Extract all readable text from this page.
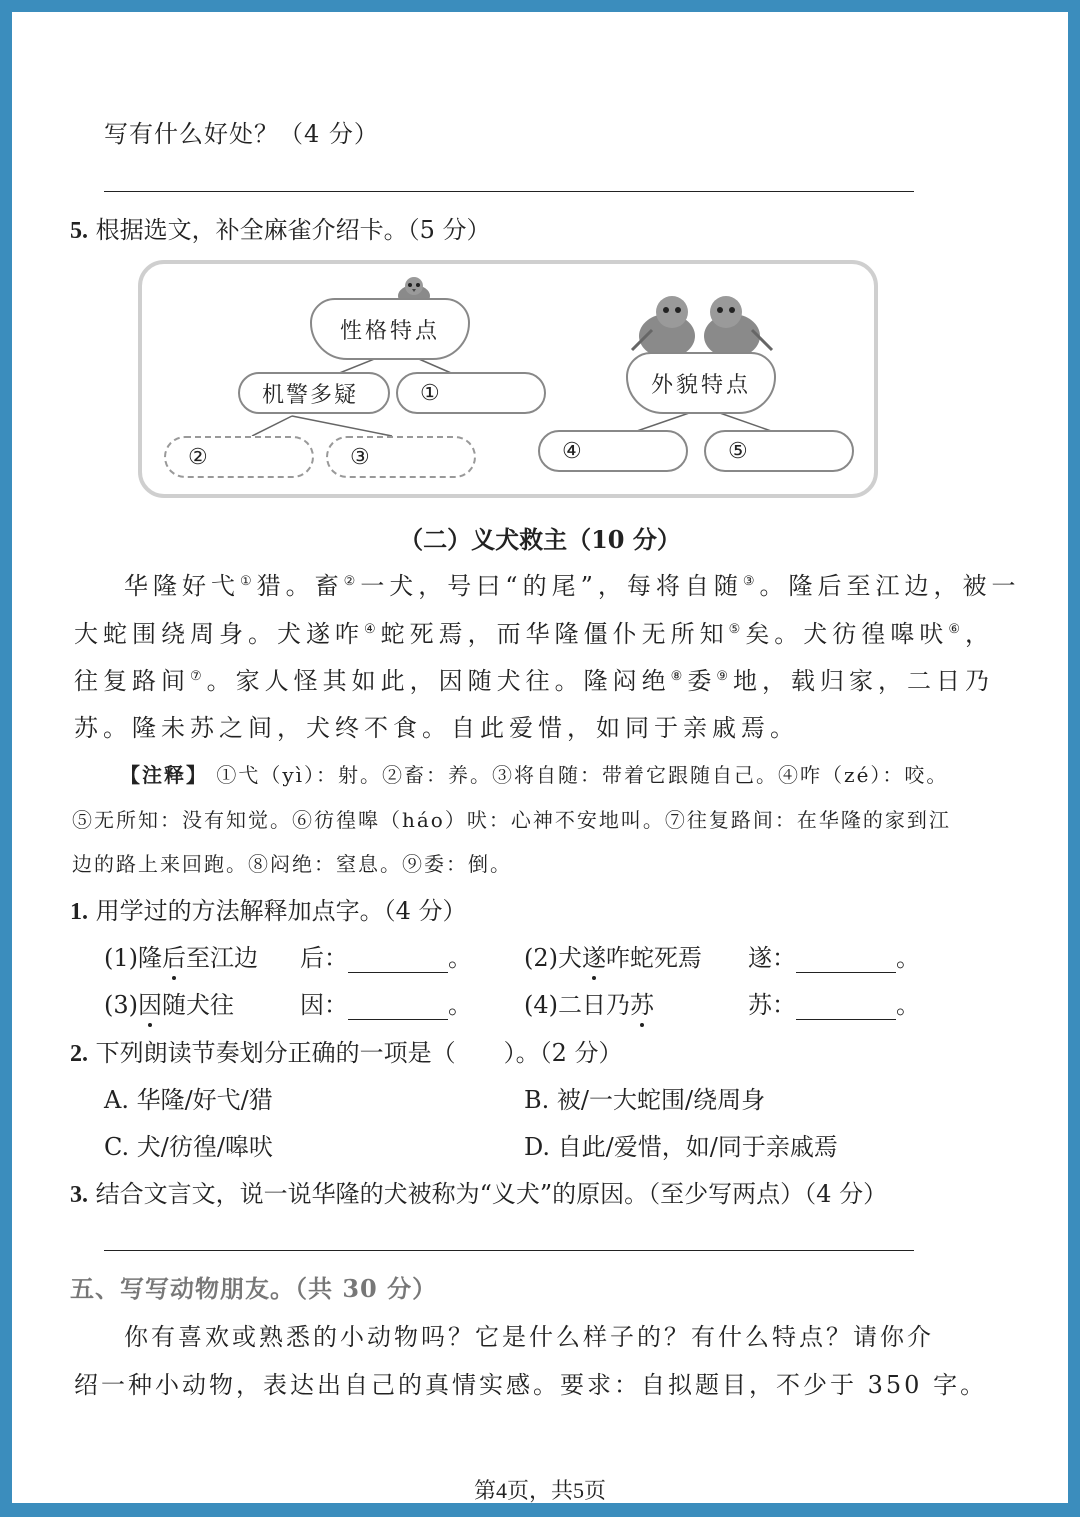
写有什么好处？（4 分）
5. 根据选文，补全麻雀介绍卡。（5 分）
性格特点
机警多疑	①
②	③
外貌特点
④	⑤
（二）义犬救主（10 分）
华隆好弋①猎。畜②一犬，号曰“的尾”，每将自随③。隆后至江边，被一
大蛇围绕周身。犬遂咋④蛇死焉，而华隆僵仆无所知⑤矣。犬彷徨嗥吠⑥，
往复路间⑦。家人怪其如此，因随犬往。隆闷绝⑧委⑨地，载归家，二日乃
苏。隆未苏之间，犬终不食。自此爱惜，如同于亲戚焉。
【注释】 ①弋（yì）：射。②畜：养。③将自随：带着它跟随自己。④咋（zé）：咬。
⑤无所知：没有知觉。⑥彷徨嗥（háo）吠：心神不安地叫。⑦往复路间：在华隆的家到江
边的路上来回跑。⑧闷绝：窒息。⑨委：倒。
1. 用学过的方法解释加点字。（4 分）
(1)隆后至江边 后：	。 (2)犬遂咋蛇死焉 遂：	。
(3)因随犬往	因：	。 (4)二日乃苏	苏：	。
2. 下列朗读节奏划分正确的一项是（　　）。（2 分）
A. 华隆/好弋/猎	B. 被/一大蛇围/绕周身
C. 犬/彷徨/嗥吠	D. 自此/爱惜，如/同于亲戚焉
3. 结合文言文，说一说华隆的犬被称为“义犬”的原因。（至少写两点）（4 分）
五、写写动物朋友。（共 30 分）
你有喜欢或熟悉的小动物吗？它是什么样子的？有什么特点？请你介
绍一种小动物，表达出自己的真情实感。要求：自拟题目，不少于 350 字。
第4页，共5页
